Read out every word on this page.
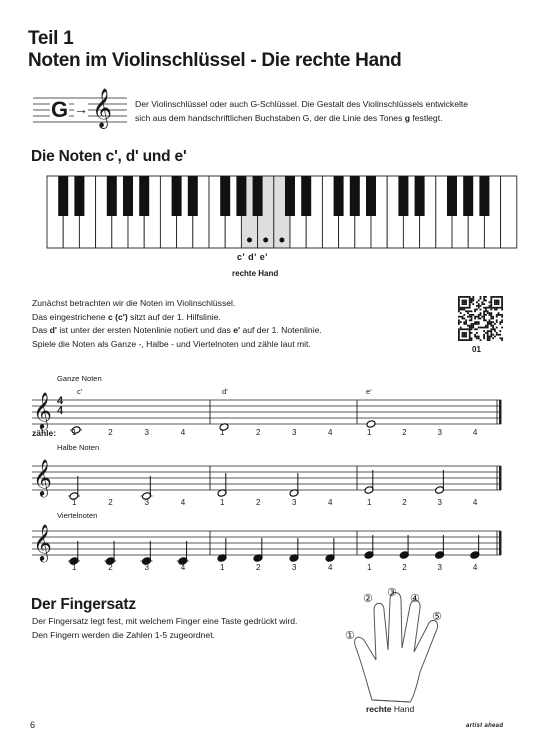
Teil 1
Noten im Violinschlüssel - Die rechte Hand
G → 𝄞	Der Violinschlüssel oder auch G-Schlüssel. Die Gestalt des Violinschlüssels entwickelte
sich aus dem handschriftlichen Buchstaben G, der die Linie des Tones g festlegt.
Die Noten c', d' und e'
c' d' e'
rechte Hand
Zunächst betrachten wir die Noten im Violinschlüssel.
Das eingestrichene c (c') sitzt auf der 1. Hilfslinie.
Das d' ist unter der ersten Notenlinie notiert und das e' auf der 1. Notenlinie.
Spiele die Noten als Ganze -, Halbe - und Viertelnoten und zähle laut mit.
01
Ganze Noten
c'	d'	e'
4
4
zähle:
Halbe Noten
Viertelnoten
1	2	3	4	1	2	3	4	1	2	3	4
1	2	3	4	1	2	3	4	1	2	3	4
1	2	3	4	1	2	3	4	1	2	3	4
𝄞
𝄞
𝄞
Der Fingersatz
Der Fingersatz legt fest, mit welchem Finger eine Taste gedrückt wird.
Den Fingern werden die Zahlen 1-5 zugeordnet.	①
② ③ ④
⑤
rechte Hand
6	artist ahead
